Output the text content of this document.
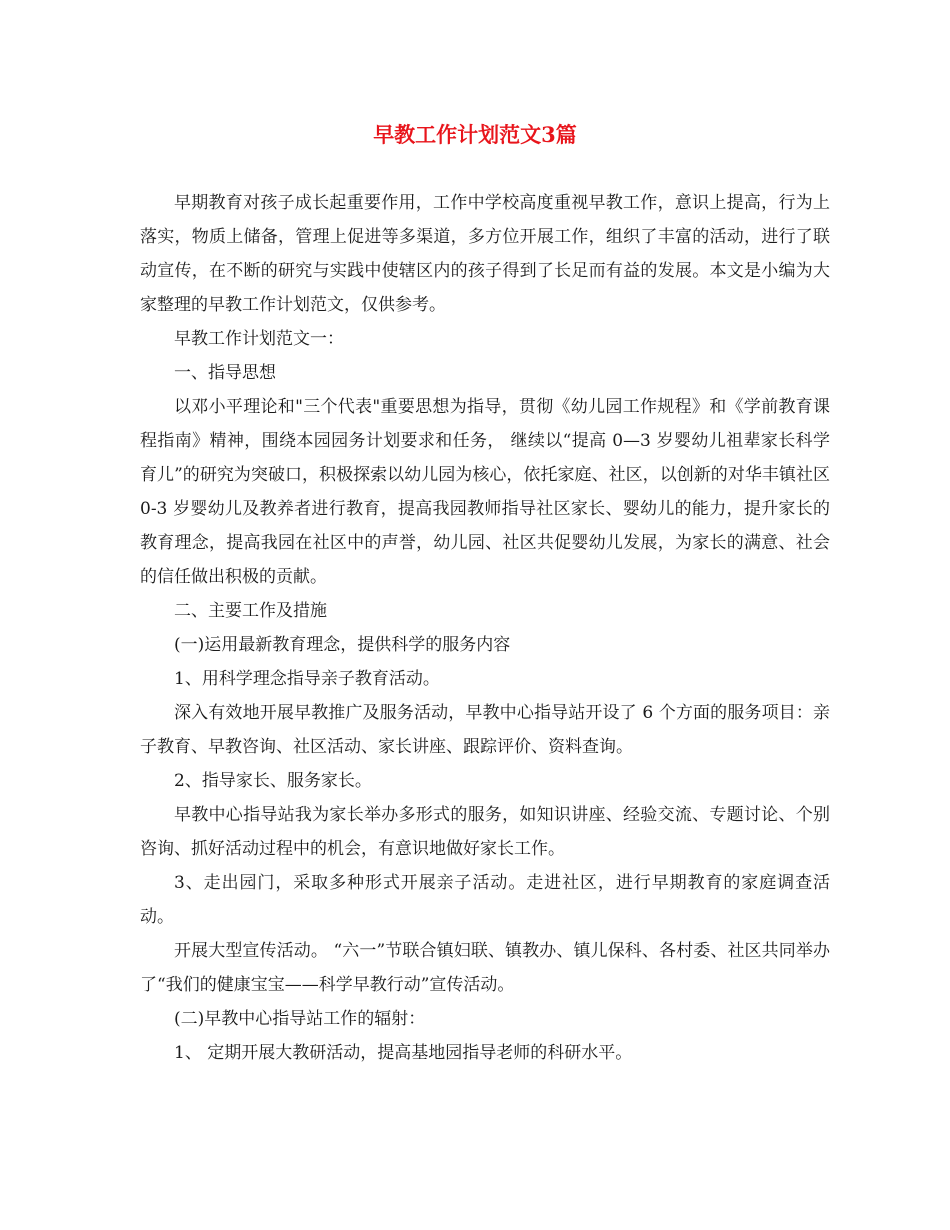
早教工作计划范文3篇

早期教育对孩子成长起重要作用，工作中学校高度重视早教工作，意识上提高，行为上落实，物质上储备，管理上促进等多渠道，多方位开展工作，组织了丰富的活动，进行了联动宣传，在不断的研究与实践中使辖区内的孩子得到了长足而有益的发展。本文是小编为大家整理的早教工作计划范文，仅供参考。

早教工作计划范文一：

一、指导思想

以邓小平理论和"三个代表"重要思想为指导，贯彻《幼儿园工作规程》和《学前教育课程指南》精神，围绕本园园务计划要求和任务， 继续以“提高 0—3 岁婴幼儿祖辈家长科学育儿”的研究为突破口，积极探索以幼儿园为核心，依托家庭、社区，以创新的对华丰镇社区 0-3 岁婴幼儿及教养者进行教育，提高我园教师指导社区家长、婴幼儿的能力，提升家长的教育理念，提高我园在社区中的声誉，幼儿园、社区共促婴幼儿发展，为家长的满意、社会的信任做出积极的贡献。

二、主要工作及措施

(一)运用最新教育理念，提供科学的服务内容

1、用科学理念指导亲子教育活动。

深入有效地开展早教推广及服务活动，早教中心指导站开设了 6 个方面的服务项目：亲子教育、早教咨询、社区活动、家长讲座、跟踪评价、资料查询。

2、指导家长、服务家长。

早教中心指导站我为家长举办多形式的服务，如知识讲座、经验交流、专题讨论、个别咨询、抓好活动过程中的机会，有意识地做好家长工作。

3、走出园门，采取多种形式开展亲子活动。走进社区，进行早期教育的家庭调查活动。

开展大型宣传活动。 “六一”节联合镇妇联、镇教办、镇儿保科、各村委、社区共同举办了“我们的健康宝宝——科学早教行动”宣传活动。

(二)早教中心指导站工作的辐射：

1、 定期开展大教研活动，提高基地园指导老师的科研水平。
